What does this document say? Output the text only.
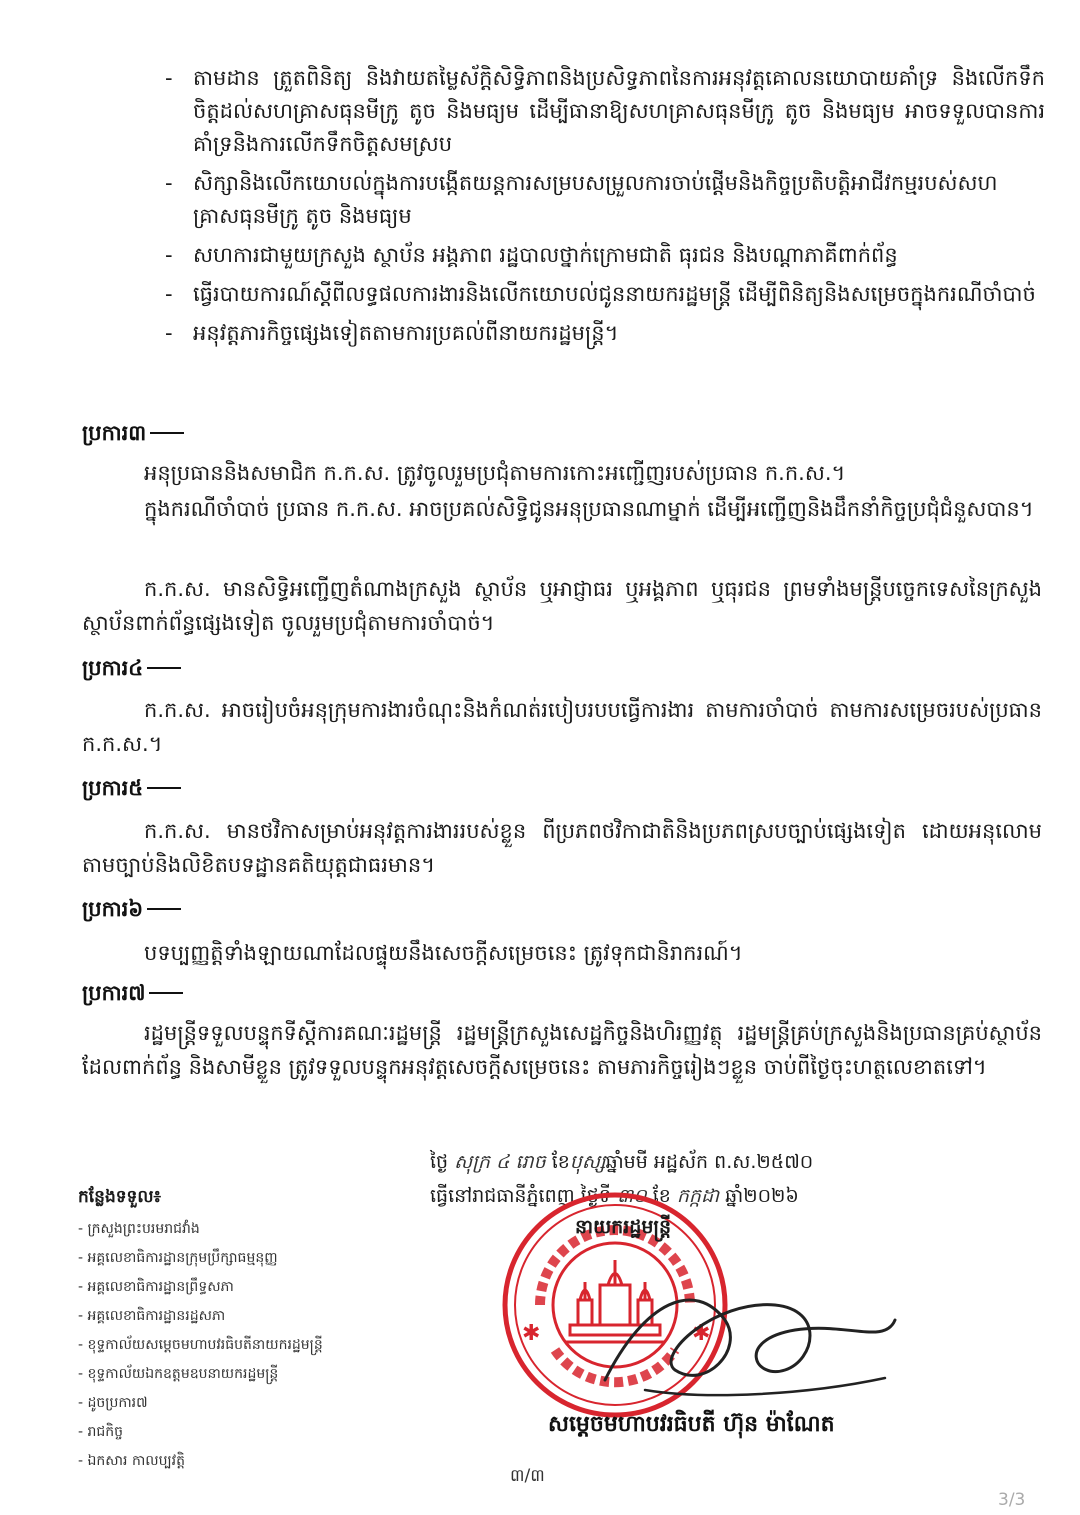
- តាមដាន ត្រួតពិនិត្យ និងវាយតម្លៃស័ក្តិសិទ្ធិភាពនិងប្រសិទ្ធភាពនៃការអនុវត្តគោលនយោបាយគាំទ្រ និងលើកទឹកចិត្តដល់សហគ្រាសធុនមីក្រូ តូច និងមធ្យម ដើម្បីធានាឱ្យសហគ្រាសធុនមីក្រូ តូច និងមធ្យម អាចទទួលបានការគាំទ្រនិងការលើកទឹកចិត្តសមស្រប
- សិក្សានិងលើកយោបល់ក្នុងការបង្កើតយន្តការសម្របសម្រួលការចាប់ផ្តើមនិងកិច្ចប្រតិបត្តិអាជីវកម្មរបស់សហគ្រាសធុនមីក្រូ តូច និងមធ្យម
- សហការជាមួយក្រសួង ស្ថាប័ន អង្គភាព រដ្ឋបាលថ្នាក់ក្រោមជាតិ ធុរជន និងបណ្តាភាគីពាក់ព័ន្ធ
- ធ្វើរបាយការណ៍ស្តីពីលទ្ធផលការងារនិងលើកយោបល់ជូននាយករដ្ឋមន្ត្រី ដើម្បីពិនិត្យនិងសម្រេចក្នុងករណីចាំបាច់
- អនុវត្តភារកិច្ចផ្សេងទៀតតាមការប្រគល់ពីនាយករដ្ឋមន្ត្រី។
ប្រការ៣
អនុប្រធាននិងសមាជិក ក.ក.ស. ត្រូវចូលរួមប្រជុំតាមការកោះអញ្ជើញរបស់ប្រធាន ក.ក.ស.។
ក្នុងករណីចាំបាច់ ប្រធាន ក.ក.ស. អាចប្រគល់សិទ្ធិជូនអនុប្រធានណាម្នាក់ ដើម្បីអញ្ជើញនិងដឹកនាំកិច្ចប្រជុំជំនួសបាន។
ក.ក.ស. មានសិទ្ធិអញ្ជើញតំណាងក្រសួង ស្ថាប័ន ឬអាជ្ញាធរ ឬអង្គភាព ឬធុរជន ព្រមទាំងមន្ត្រីបច្ចេកទេសនៃក្រសួង ស្ថាប័នពាក់ព័ន្ធផ្សេងទៀត ចូលរួមប្រជុំតាមការចាំបាច់។
ប្រការ៤
ក.ក.ស. អាចរៀបចំអនុក្រុមការងារចំណុះនិងកំណត់របៀបរបបធ្វើការងារ តាមការចាំបាច់ តាមការសម្រេចរបស់ប្រធាន ក.ក.ស.។
ប្រការ៥
ក.ក.ស. មានថវិកាសម្រាប់អនុវត្តការងាររបស់ខ្លួន ពីប្រភពថវិកាជាតិនិងប្រភពស្របច្បាប់ផ្សេងទៀត ដោយអនុលោមតាមច្បាប់និងលិខិតបទដ្ឋានគតិយុត្តជាធរមាន។
ប្រការ៦
បទប្បញ្ញត្តិទាំងឡាយណាដែលផ្ទុយនឹងសេចក្តីសម្រេចនេះ ត្រូវទុកជានិរាករណ៍។
ប្រការ៧
រដ្ឋមន្ត្រីទទួលបន្ទុកទីស្តីការគណៈរដ្ឋមន្ត្រី រដ្ឋមន្ត្រីក្រសួងសេដ្ឋកិច្ចនិងហិរញ្ញវត្ថុ រដ្ឋមន្ត្រីគ្រប់ក្រសួងនិងប្រធានគ្រប់ស្ថាប័នដែលពាក់ព័ន្ធ និងសាមីខ្លួន ត្រូវទទួលបន្ទុកអនុវត្តសេចក្តីសម្រេចនេះ តាមភារកិច្ចរៀងៗខ្លួន ចាប់ពីថ្ងៃចុះហត្ថលេខាតទៅ។
ថ្ងៃ សុក្រ ៤ រោច ខែបុស្សឆ្នាំមមី អដ្ឋស័ក ព.ស.២៥៧០
ធ្វើនៅរាជធានីភ្នំពេញ ថ្ងៃទី ៣០ ខែ កក្កដា ឆ្នាំ២០២៦
កន្លែងទទួល៖
- ក្រសួងព្រះបរមរាជវាំង
- អគ្គលេខាធិការដ្ឋានក្រុមប្រឹក្សាធម្មនុញ្ញ
- អគ្គលេខាធិការដ្ឋានព្រឹទ្ធសភា
- អគ្គលេខាធិការដ្ឋានរដ្ឋសភា
- ខុទ្ទកាល័យសម្តេចមហាបវរធិបតីនាយករដ្ឋមន្ត្រី
- ខុទ្ទកាល័យឯកឧត្តមឧបនាយករដ្ឋមន្ត្រី
- ដូចប្រការ៧
- រាជកិច្ច
- ឯកសារ កាលប្បវត្តិ
✱	✱
នាយករដ្ឋមន្ត្រី
សម្តេចមហាបវរធិបតី ហ៊ុន ម៉ាណែត
៣/៣
3/3
